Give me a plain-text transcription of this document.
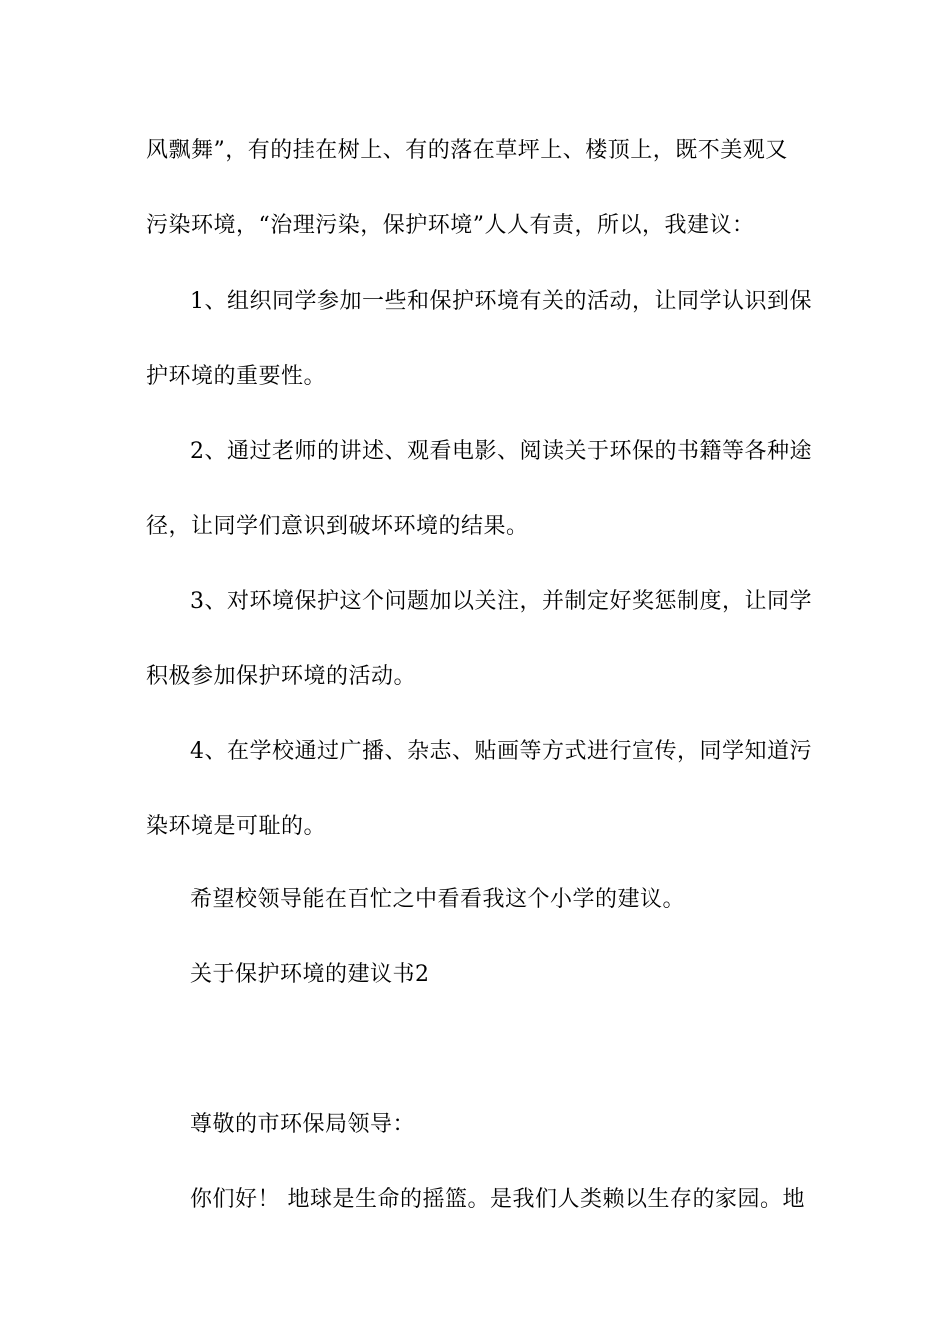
风飘舞”，有的挂在树上、有的落在草坪上、楼顶上，既不美观又
污染环境，“治理污染，保护环境”人人有责，所以，我建议：
1、组织同学参加一些和保护环境有关的活动，让同学认识到保
护环境的重要性。
2、通过老师的讲述、观看电影、阅读关于环保的书籍等各种途
径，让同学们意识到破坏环境的结果。
3、对环境保护这个问题加以关注，并制定好奖惩制度，让同学
积极参加保护环境的活动。
4、在学校通过广播、杂志、贴画等方式进行宣传，同学知道污
染环境是可耻的。
希望校领导能在百忙之中看看我这个小学的建议。
关于保护环境的建议书2
尊敬的市环保局领导：
你们好！ 地球是生命的摇篮。是我们人类赖以生存的家园。地
